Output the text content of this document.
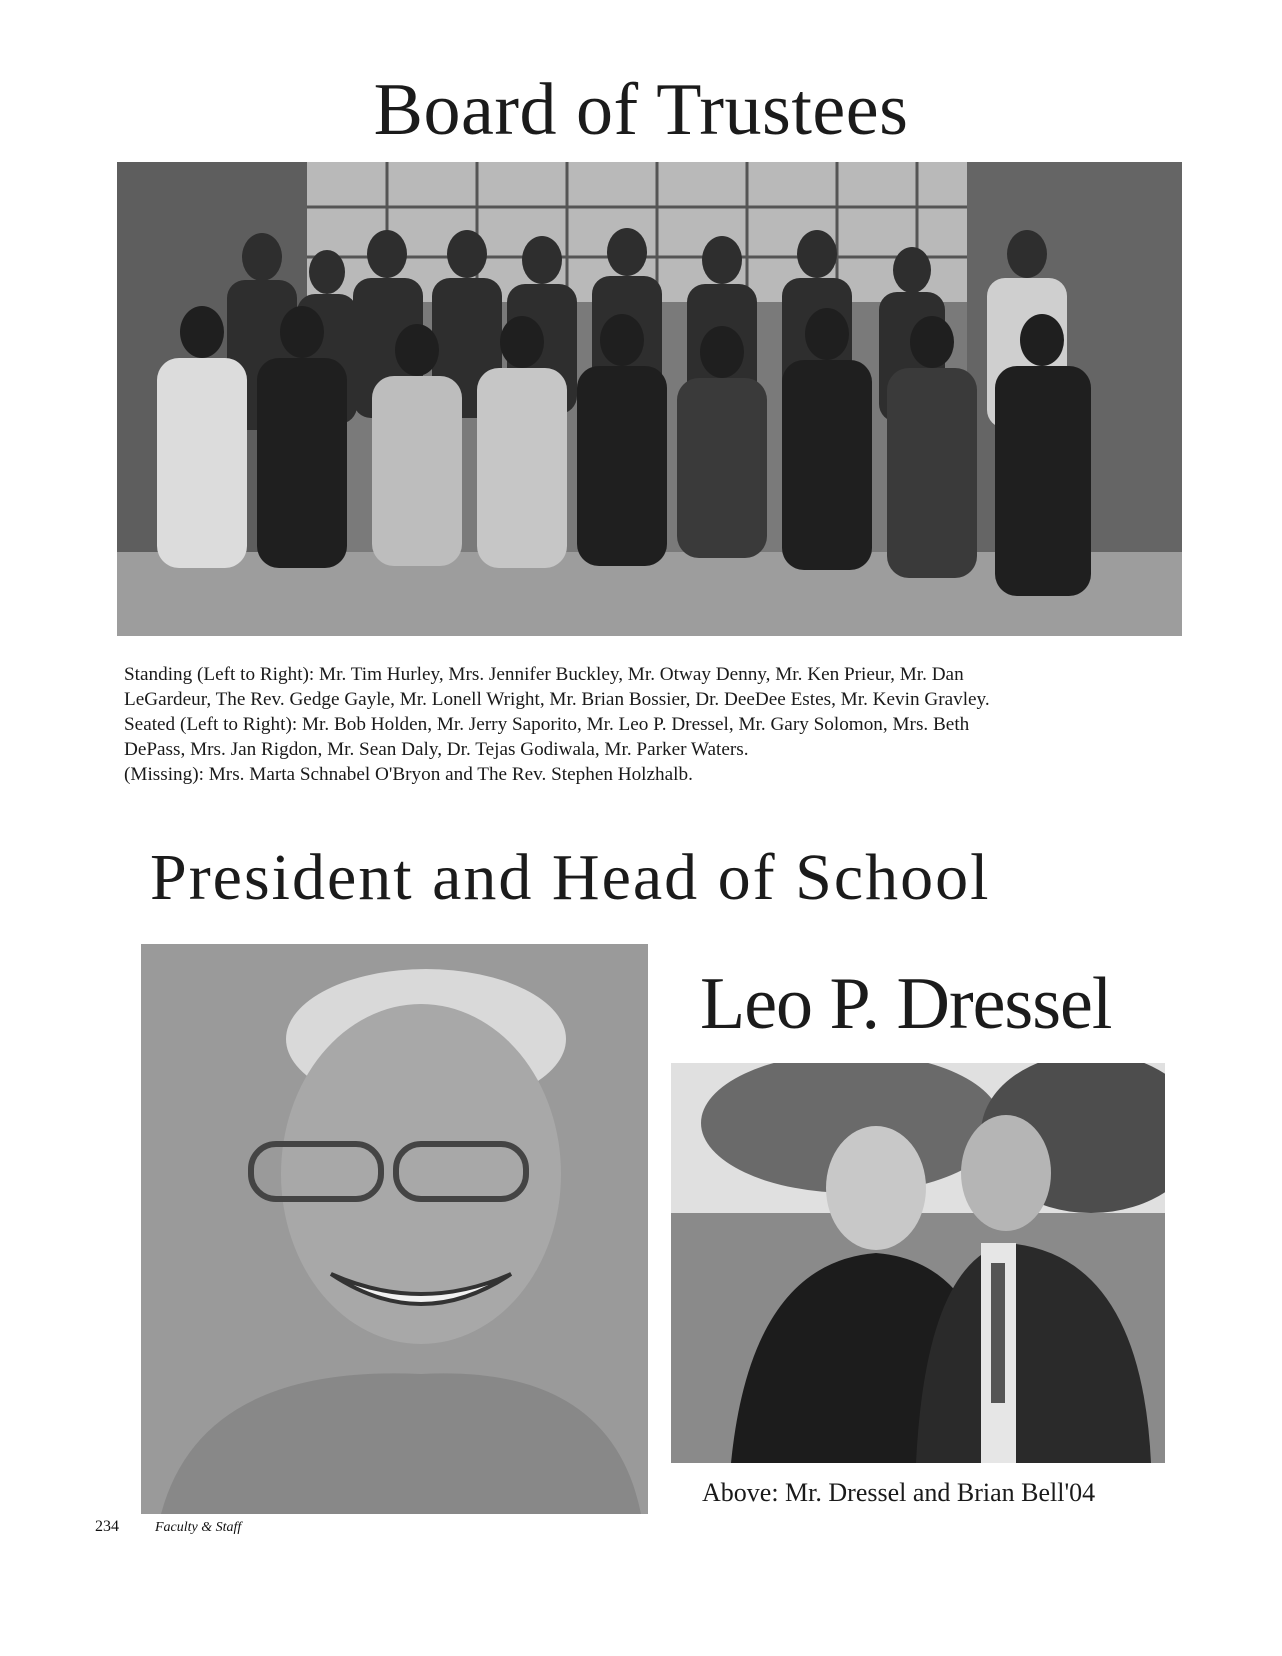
Board of Trustees

Standing (Left to Right): Mr. Tim Hurley, Mrs. Jennifer Buckley, Mr. Otway Denny, Mr. Ken Prieur, Mr. Dan

LeGardeur, The Rev. Gedge Gayle, Mr. Lonell Wright, Mr. Brian Bossier, Dr. DeeDee Estes, Mr. Kevin Gravley.

Seated (Left to Right): Mr. Bob Holden, Mr. Jerry Saporito, Mr. Leo P. Dressel, Mr. Gary Solomon, Mrs. Beth

DePass, Mrs. Jan Rigdon, Mr. Sean Daly, Dr. Tejas Godiwala, Mr. Parker Waters.

(Missing): Mrs. Marta Schnabel O'Bryon and The Rev. Stephen Holzhalb.

President and Head of School
Leo P. Dressel
Above: Mr. Dressel and Brian Bell'04
234	Faculty & Staff
